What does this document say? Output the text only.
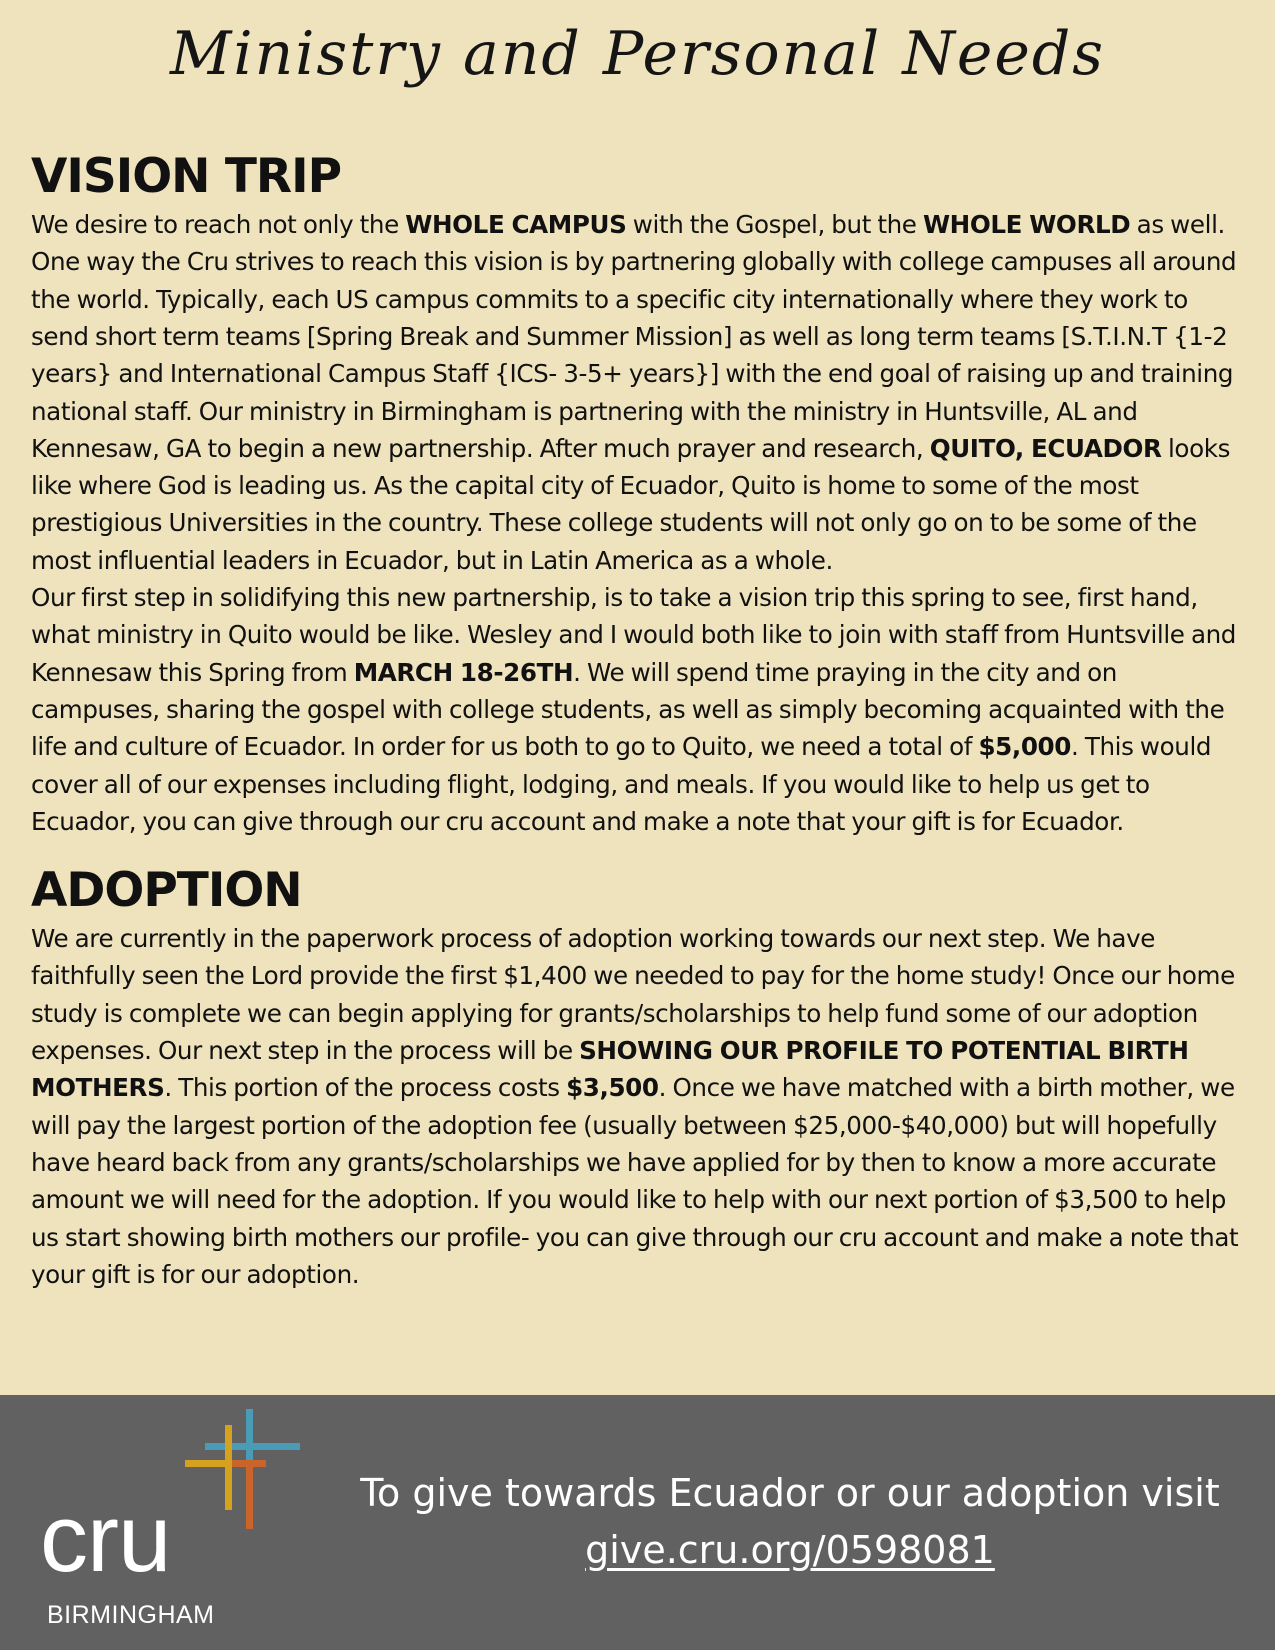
Ministry and Personal Needs
VISION TRIP

We desire to reach not only the WHOLE CAMPUS with the Gospel, but the WHOLE WORLD as well. One way the Cru strives to reach this vision is by partnering globally with college campuses all around the world. Typically, each US campus commits to a specific city internationally where they work to send short term teams [Spring Break and Summer Mission] as well as long term teams [S.T.I.N.T {1-2 years} and International Campus Staff {ICS- 3-5+ years}] with the end goal of raising up and training national staff. Our ministry in Birmingham is partnering with the ministry in Huntsville, AL and Kennesaw, GA to begin a new partnership. After much prayer and research, QUITO, ECUADOR looks like where God is leading us. As the capital city of Ecuador, Quito is home to some of the most prestigious Universities in the country. These college students will not only go on to be some of the most influential leaders in Ecuador, but in Latin America as a whole.

Our first step in solidifying this new partnership, is to take a vision trip this spring to see, first hand, what ministry in Quito would be like. Wesley and I would both like to join with staff from Huntsville and Kennesaw this Spring from MARCH 18-26TH. We will spend time praying in the city and on campuses, sharing the gospel with college students, as well as simply becoming acquainted with the life and culture of Ecuador. In order for us both to go to Quito, we need a total of $5,000. This would cover all of our expenses including flight, lodging, and meals. If you would like to help us get to Ecuador, you can give through our cru account and make a note that your gift is for Ecuador.

ADOPTION

We are currently in the paperwork process of adoption working towards our next step. We have faithfully seen the Lord provide the first $1,400 we needed to pay for the home study! Once our home study is complete we can begin applying for grants/scholarships to help fund some of our adoption expenses. Our next step in the process will be SHOWING OUR PROFILE TO POTENTIAL BIRTH MOTHERS. This portion of the process costs $3,500. Once we have matched with a birth mother, we will pay the largest portion of the adoption fee (usually between $25,000-$40,000) but will hopefully have heard back from any grants/scholarships we have applied for by then to know a more accurate amount we will need for the adoption. If you would like to help with our next portion of $3,500 to help us start showing birth mothers our profile- you can give through our cru account and make a note that your gift is for our adoption.

cru
BIRMINGHAM
To give towards Ecuador or our adoption visit
give.cru.org/0598081
